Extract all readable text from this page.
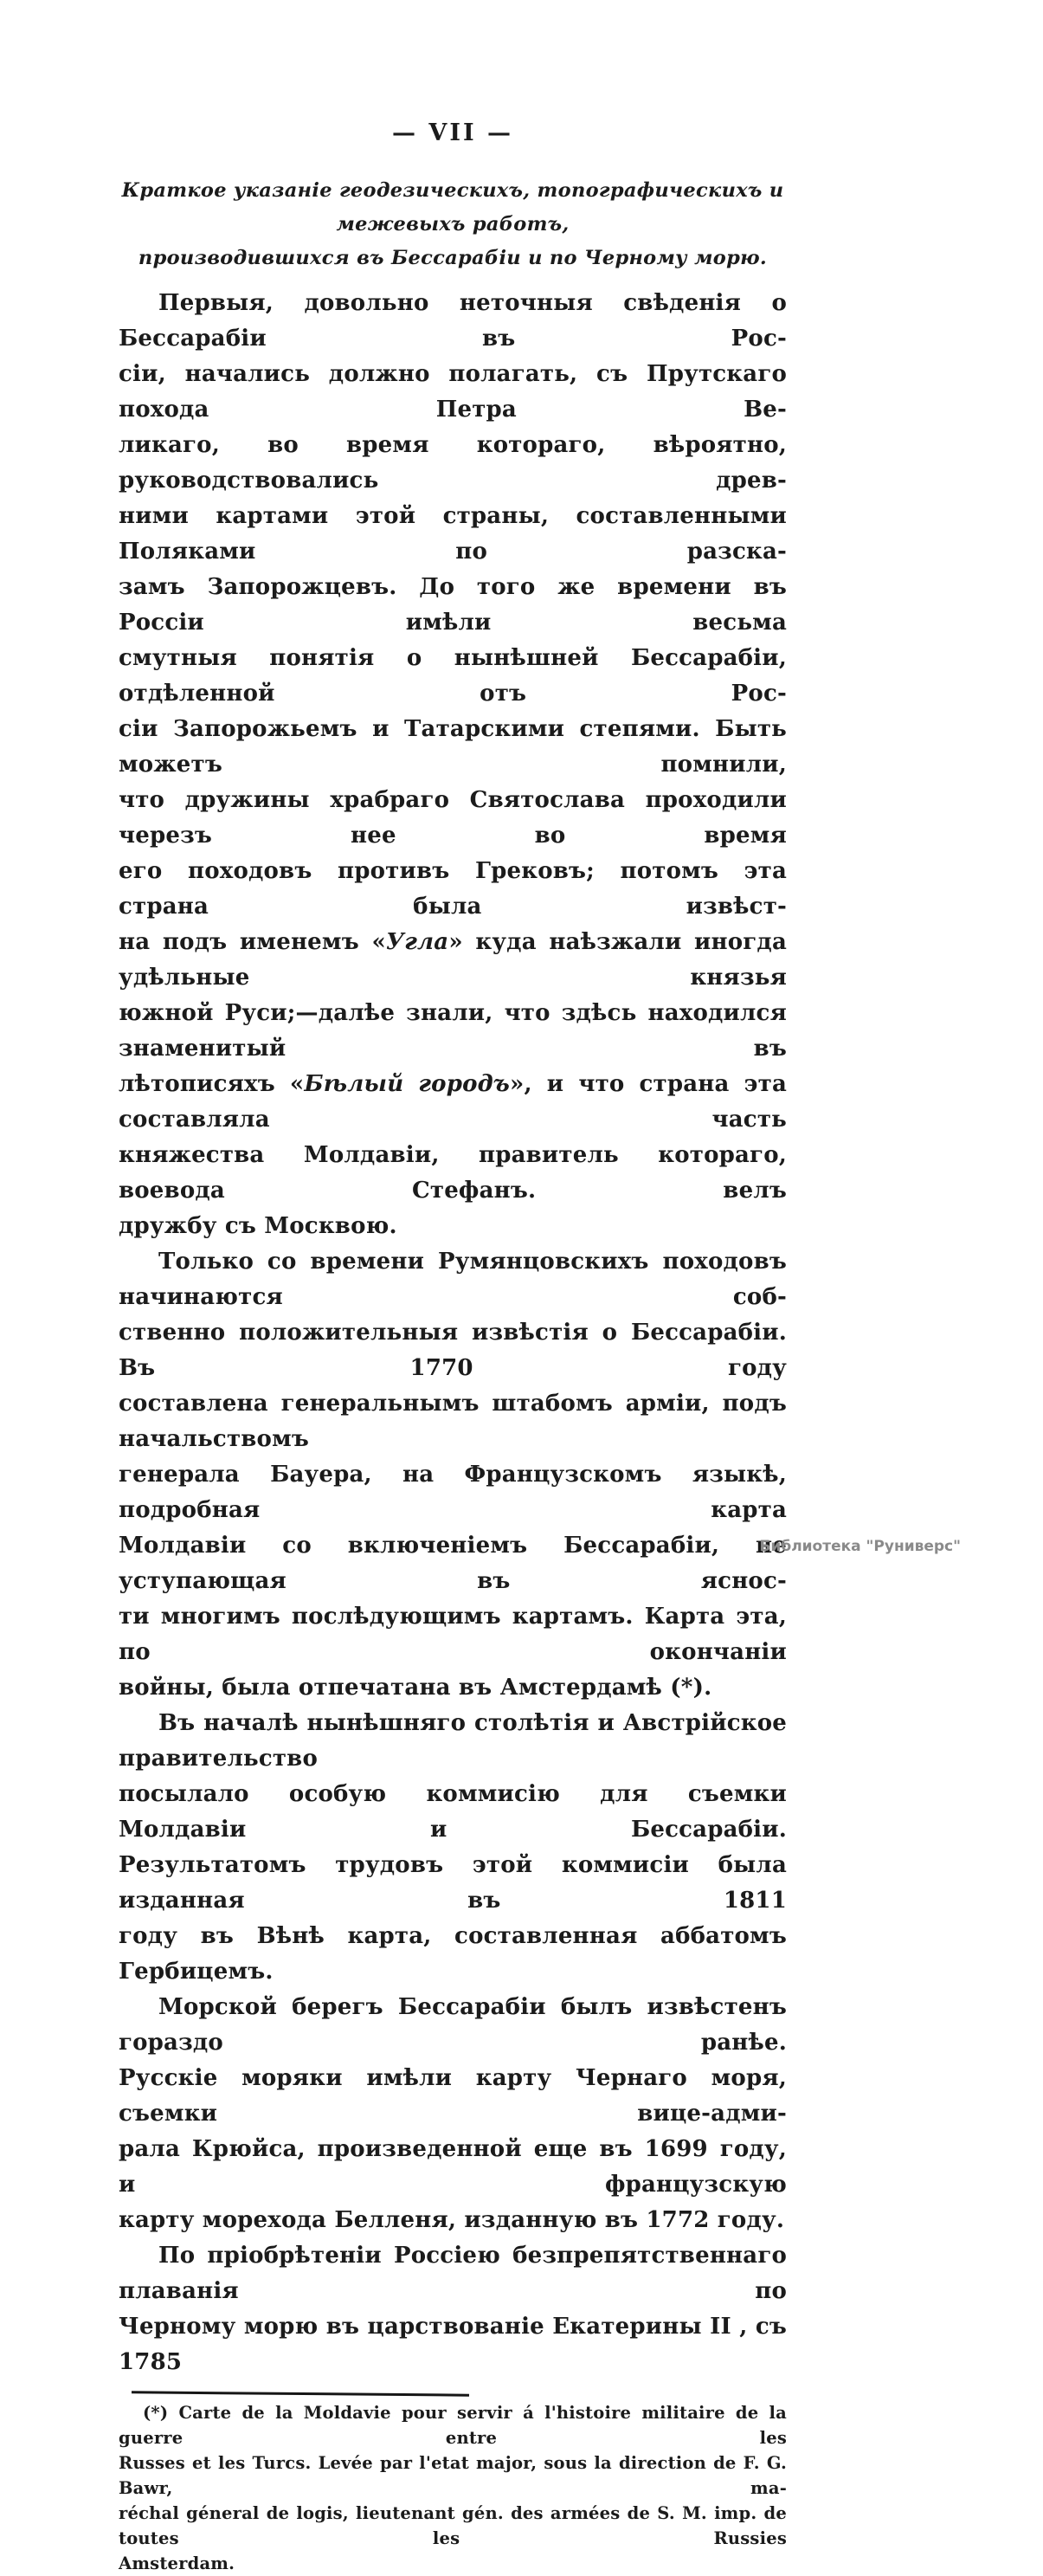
— VII —
Краткое указаніе геодезическихъ, топографическихъ и межевыхъ работъ,
производившихся въ Бессарабіи и по Черному морю.
Первыя, довольно неточныя свѣденія о Бессарабіи въ Рос-
сіи, начались должно полагать, съ Прутскаго похода Петра Ве-
ликаго, во время котораго, вѣроятно, руководствовались древ-
ними картами этой страны, составленными Поляками по разска-
замъ Запорожцевъ. До того же времени въ Россіи имѣли весьма
смутныя понятія о нынѣшней Бессарабіи, отдѣленной отъ Рос-
сіи Запорожьемъ и Татарскими степями. Быть можетъ помнили,
что дружины храбраго Святослава проходили черезъ нее во время
его походовъ противъ Грековъ; потомъ эта страна была извѣст-
на подъ именемъ «Угла» куда наѣзжали иногда удѣльные князья
южной Руси;—далѣе знали, что здѣсь находился знаменитый въ
лѣтописяхъ «Бѣлый городъ», и что страна эта составляла часть
княжества Молдавіи, правитель котораго, воевода Стефанъ. велъ
дружбу съ Москвою.
Только со времени Румянцовскихъ походовъ начинаются соб-
ственно положительныя извѣстія о Бессарабіи. Въ 1770 году
составлена генеральнымъ штабомъ арміи, подъ начальствомъ
генерала Бауера, на Французскомъ языкѣ, подробная карта
Молдавіи со включеніемъ Бессарабіи, не уступающая въ яснос-
ти многимъ послѣдующимъ картамъ. Карта эта, по окончаніи
войны, была отпечатана въ Амстердамѣ (*).
Въ началѣ нынѣшняго столѣтія и Австрійское правительство
посылало особую коммисію для съемки Молдавіи и Бессарабіи.
Результатомъ трудовъ этой коммисіи была изданная въ 1811
году въ Вѣнѣ карта, составленная аббатомъ Гербицемъ.
Морской берегъ Бессарабіи былъ извѣстенъ гораздо ранѣе.
Русскіе моряки имѣли карту Чернаго моря, съемки вице-адми-
рала Крюйса, произведенной еще въ 1699 году, и французскую
карту морехода Белленя, изданную въ 1772 году.
По пріобрѣтеніи Россіею безпрепятственнаго плаванія по
Черному морю въ царствованіе Екатерины II , съ 1785
(*) Carte de la Moldavie pour servir á l'histoire militaire de la guerre entre les
Russes et les Turcs. Levée par l'etat major, sous la direction de F. G. Bawr, ma-
réchal géneral de logis, lieutenant gén. des armées de S. M. imp. de toutes les Russies
Amsterdam.
Библиотека "Руниверс"
